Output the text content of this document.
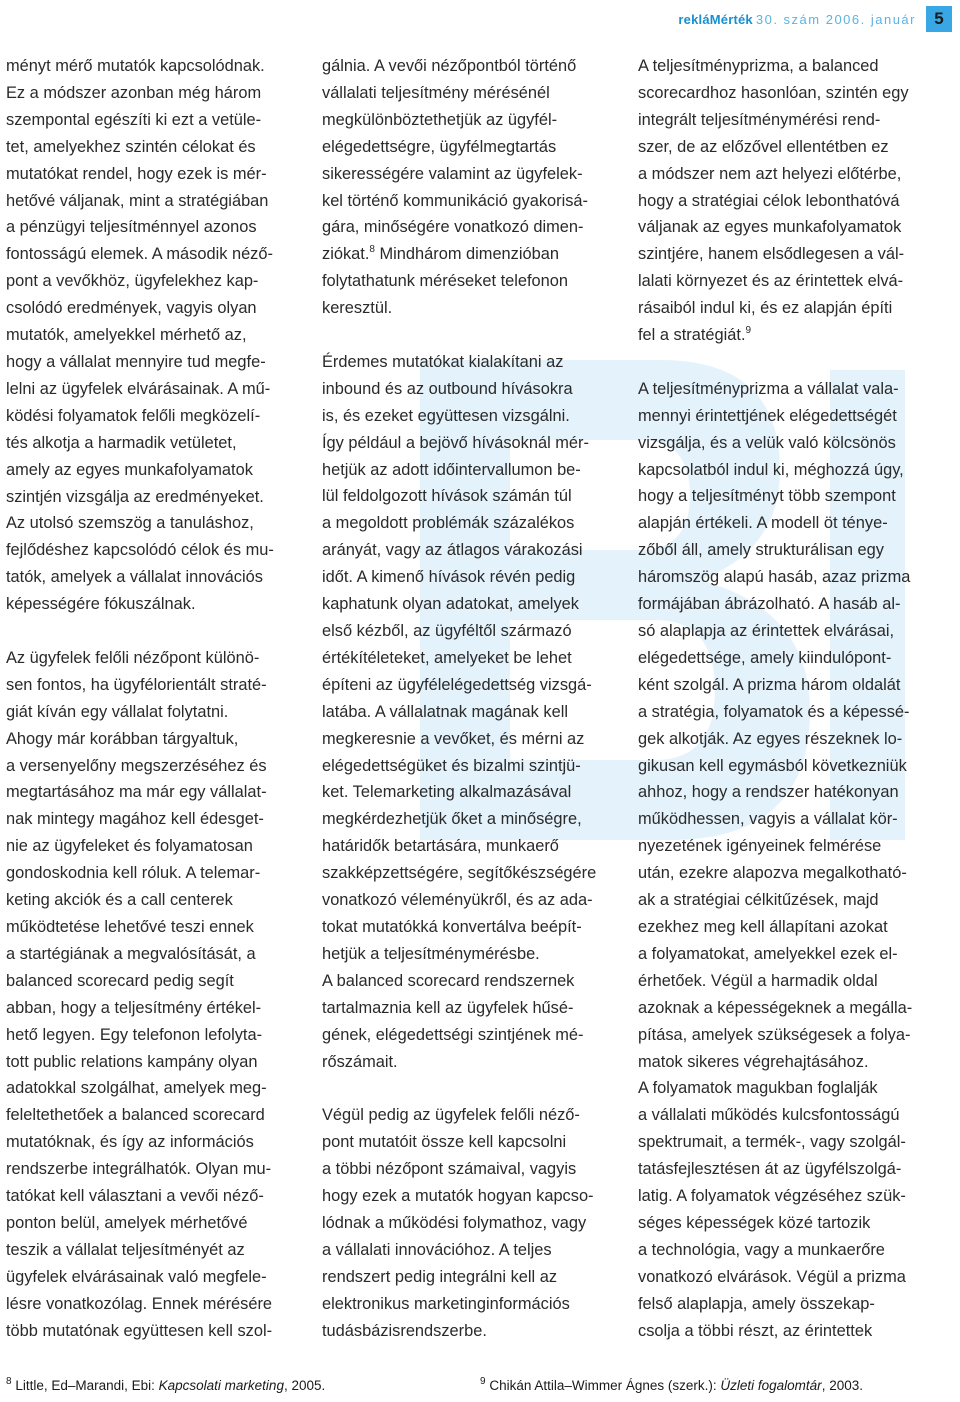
rekláMérték 30. szám 2006. január	5

ményt mérő mutatók kapcsolódnak.
Ez a módszer azonban még három
szempontal egészíti ki ezt a vetüle-
tet, amelyekhez szintén célokat és
mutatókat rendel, hogy ezek is mér-
hetővé váljanak, mint a stratégiában
a pénzügyi teljesítménnyel azonos
fontosságú elemek. A második néző-
pont a vevőkhöz, ügyfelekhez kap-
csolódó eredmények, vagyis olyan
mutatók, amelyekkel mérhető az,
hogy a vállalat mennyire tud megfe-
lelni az ügyfelek elvárásainak. A mű-
ködési folyamatok felőli megközelí-
tés alkotja a harmadik vetületet,
amely az egyes munkafolyamatok
szintjén vizsgálja az eredményeket.
Az utolsó szemszög a tanuláshoz,
fejlődéshez kapcsolódó célok és mu-
tatók, amelyek a vállalat innovációs
képességére fókuszálnak.

Az ügyfelek felőli nézőpont különö-
sen fontos, ha ügyfélorientált straté-
giát kíván egy vállalat folytatni.
Ahogy már korábban tárgyaltuk,
a versenyelőny megszerzéséhez és
megtartásához ma már egy vállalat-
nak mintegy magához kell édesget-
nie az ügyfeleket és folyamatosan
gondoskodnia kell róluk. A telemar-
keting akciók és a call centerek
működtetése lehetővé teszi ennek
a startégiának a megvalósítását, a
balanced scorecard pedig segít
abban, hogy a teljesítmény értékel-
hető legyen. Egy telefonon lefolyta-
tott public relations kampány olyan
adatokkal szolgálhat, amelyek meg-
feleltethetőek a balanced scorecard
mutatóknak, és így az információs
rendszerbe integrálhatók. Olyan mu-
tatókat kell választani a vevői néző-
ponton belül, amelyek mérhetővé
teszik a vállalat teljesítményét az
ügyfelek elvárásainak való megfele-
lésre vonatkozólag. Ennek mérésére
több mutatónak együttesen kell szol-

gálnia. A vevői nézőpontból történő
vállalati teljesítmény mérésénél
megkülönböztethetjük az ügyfél-
elégedettségre, ügyfélmegtartás
sikerességére valamint az ügyfelek-
kel történő kommunikáció gyakorisá-
gára, minőségére vonatkozó dimen-
ziókat.$^8$ Mindhárom dimenzióban
folytathatunk méréseket telefonon
keresztül.

Érdemes mutatókat kialakítani az
inbound és az outbound hívásokra
is, és ezeket együttesen vizsgálni.
Így például a bejövő hívásoknál mér-
hetjük az adott időintervallumon be-
lül feldolgozott hívások számán túl
a megoldott problémák százalékos
arányát, vagy az átlagos várakozási
időt. A kimenő hívások révén pedig
kaphatunk olyan adatokat, amelyek
első kézből, az ügyféltől származó
értékítéleteket, amelyeket be lehet
építeni az ügyfélelégedettség vizsgá-
latába. A vállalatnak magának kell
megkeresnie a vevőket, és mérni az
elégedettségüket és bizalmi szintjü-
ket. Telemarketing alkalmazásával
megkérdezhetjük őket a minőségre,
határidők betartására, munkaerő
szakképzettségére, segítőkészségére
vonatkozó véleményükről, és az ada-
tokat mutatókká konvertálva beépít-
hetjük a teljesítménymérésbe.
A balanced scorecard rendszernek
tartalmaznia kell az ügyfelek hűsé-
gének, elégedettségi szintjének mé-
rőszámait.

Végül pedig az ügyfelek felőli néző-
pont mutatóit össze kell kapcsolni
a többi nézőpont számaival, vagyis
hogy ezek a mutatók hogyan kapcso-
lódnak a működési folymathoz, vagy
a vállalati innovációhoz. A teljes
rendszert pedig integrálni kell az
elektronikus marketinginformációs
tudásbázisrendszerbe.

A teljesítményprizma, a balanced
scorecardhoz hasonlóan, szintén egy
integrált teljesítménymérési rend-
szer, de az előzővel ellentétben ez
a módszer nem azt helyezi előtérbe,
hogy a stratégiai célok lebonthatóvá
váljanak az egyes munkafolyamatok
szintjére, hanem elsődlegesen a vál-
lalati környezet és az érintettek elvá-
rásaiból indul ki, és ez alapján építi
fel a stratégiát.$^9$

A teljesítményprizma a vállalat vala-
mennyi érintettjének elégedettségét
vizsgálja, és a velük való kölcsönös
kapcsolatból indul ki, méghozzá úgy,
hogy a teljesítményt több szempont
alapján értékeli. A modell öt ténye-
zőből áll, amely strukturálisan egy
háromszög alapú hasáb, azaz prizma
formájában ábrázolható. A hasáb al-
só alaplapja az érintettek elvárásai,
elégedettsége, amely kiindulópont-
ként szolgál. A prizma három oldalát
a stratégia, folyamatok és a képessé-
gek alkotják. Az egyes részeknek lo-
gikusan kell egymásból következniük
ahhoz, hogy a rendszer hatékonyan
működhessen, vagyis a vállalat kör-
nyezetének igényeinek felmérése
után, ezekre alapozva megalkotható-
ak a stratégiai célkitűzések, majd
ezekhez meg kell állapítani azokat
a folyamatokat, amelyekkel ezek el-
érhetőek. Végül a harmadik oldal
azoknak a képességeknek a megálla-
pítása, amelyek szükségesek a folya-
matok sikeres végrehajtásához.
A folyamatok magukban foglalják
a vállalati működés kulcsfontosságú
spektrumait, a termék-, vagy szolgál-
tatásfejlesztésen át az ügyfélszolgá-
latig. A folyamatok végzéséhez szük-
séges képességek közé tartozik
a technológia, vagy a munkaerőre
vonatkozó elvárások. Végül a prizma
felső alaplapja, amely összekap-
csolja a többi részt, az érintettek

$^8$ Little, Ed–Marandi, Ebi: Kapcsolati marketing, 2005.	$^9$ Chikán Attila–Wimmer Ágnes (szerk.): Üzleti fogalomtár, 2003.
